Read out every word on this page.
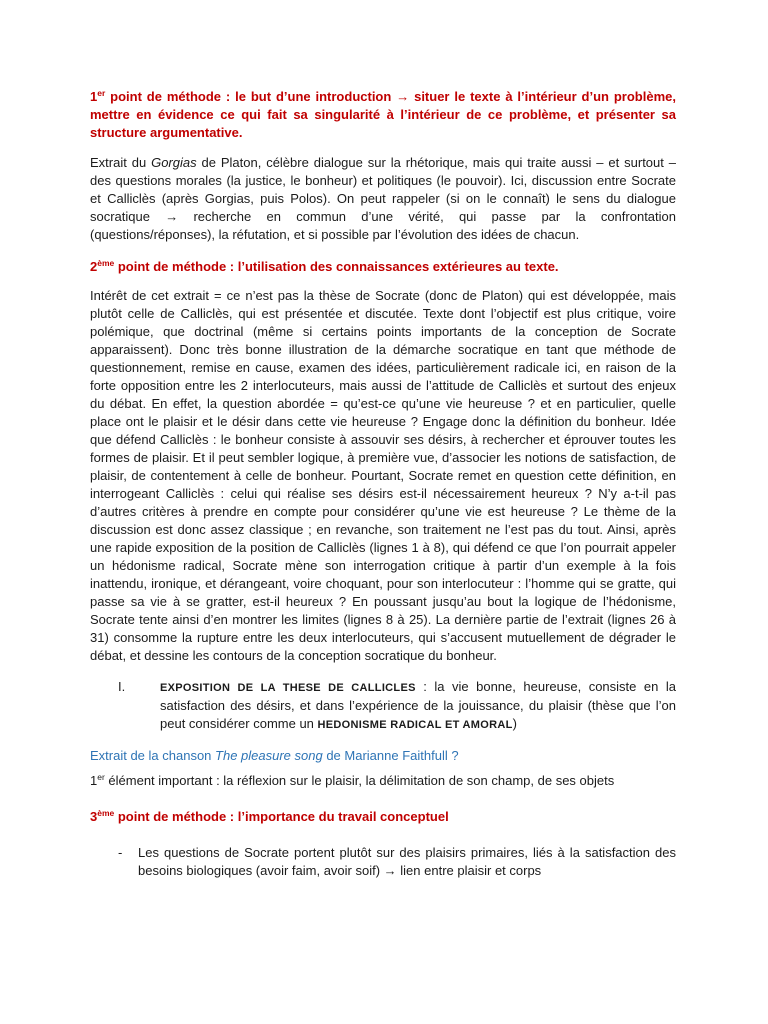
1er point de méthode : le but d’une introduction → situer le texte à l’intérieur d’un problème, mettre en évidence ce qui fait sa singularité à l’intérieur de ce problème, et présenter sa structure argumentative.

Extrait du Gorgias de Platon, célèbre dialogue sur la rhétorique, mais qui traite aussi – et surtout – des questions morales (la justice, le bonheur) et politiques (le pouvoir). Ici, discussion entre Socrate et Calliclès (après Gorgias, puis Polos). On peut rappeler (si on le connaît) le sens du dialogue socratique → recherche en commun d’une vérité, qui passe par la confrontation (questions/réponses), la réfutation, et si possible par l’évolution des idées de chacun.

2ème point de méthode : l’utilisation des connaissances extérieures au texte.

Intérêt de cet extrait = ce n’est pas la thèse de Socrate (donc de Platon) qui est développée, mais plutôt celle de Calliclès, qui est présentée et discutée. Texte dont l’objectif est plus critique, voire polémique, que doctrinal (même si certains points importants de la conception de Socrate apparaissent). Donc très bonne illustration de la démarche socratique en tant que méthode de questionnement, remise en cause, examen des idées, particulièrement radicale ici, en raison de la forte opposition entre les 2 interlocuteurs, mais aussi de l’attitude de Calliclès et surtout des enjeux du débat. En effet, la question abordée = qu’est-ce qu’une vie heureuse ? et en particulier, quelle place ont le plaisir et le désir dans cette vie heureuse ? Engage donc la définition du bonheur. Idée que défend Calliclès : le bonheur consiste à assouvir ses désirs, à rechercher et éprouver toutes les formes de plaisir. Et il peut sembler logique, à première vue, d’associer les notions de satisfaction, de plaisir, de contentement à celle de bonheur. Pourtant, Socrate remet en question cette définition, en interrogeant Calliclès : celui qui réalise ses désirs est-il nécessairement heureux ? N’y a-t-il pas d’autres critères à prendre en compte pour considérer qu’une vie est heureuse ? Le thème de la discussion est donc assez classique ; en revanche, son traitement ne l’est pas du tout. Ainsi, après une rapide exposition de la position de Calliclès (lignes 1 à 8), qui défend ce que l’on pourrait appeler un hédonisme radical, Socrate mène son interrogation critique à partir d’un exemple à la fois inattendu, ironique, et dérangeant, voire choquant, pour son interlocuteur : l’homme qui se gratte, qui passe sa vie à se gratter, est-il heureux ? En poussant jusqu’au bout la logique de l’hédonisme, Socrate tente ainsi d’en montrer les limites (lignes 8 à 25). La dernière partie de l’extrait (lignes 26 à 31) consomme la rupture entre les deux interlocuteurs, qui s’accusent mutuellement de dégrader le débat, et dessine les contours de la conception socratique du bonheur.

I.	EXPOSITION DE LA THESE DE CALLICLES : la vie bonne, heureuse, consiste en la satisfaction des désirs, et dans l’expérience de la jouissance, du plaisir (thèse que l’on peut considérer comme un HEDONISME RADICAL ET AMORAL)

Extrait de la chanson The pleasure song de Marianne Faithfull ?

1er élément important : la réflexion sur le plaisir, la délimitation de son champ, de ses objets

3ème point de méthode : l’importance du travail conceptuel

- Les questions de Socrate portent plutôt sur des plaisirs primaires, liés à la satisfaction des besoins biologiques (avoir faim, avoir soif) → lien entre plaisir et corps
